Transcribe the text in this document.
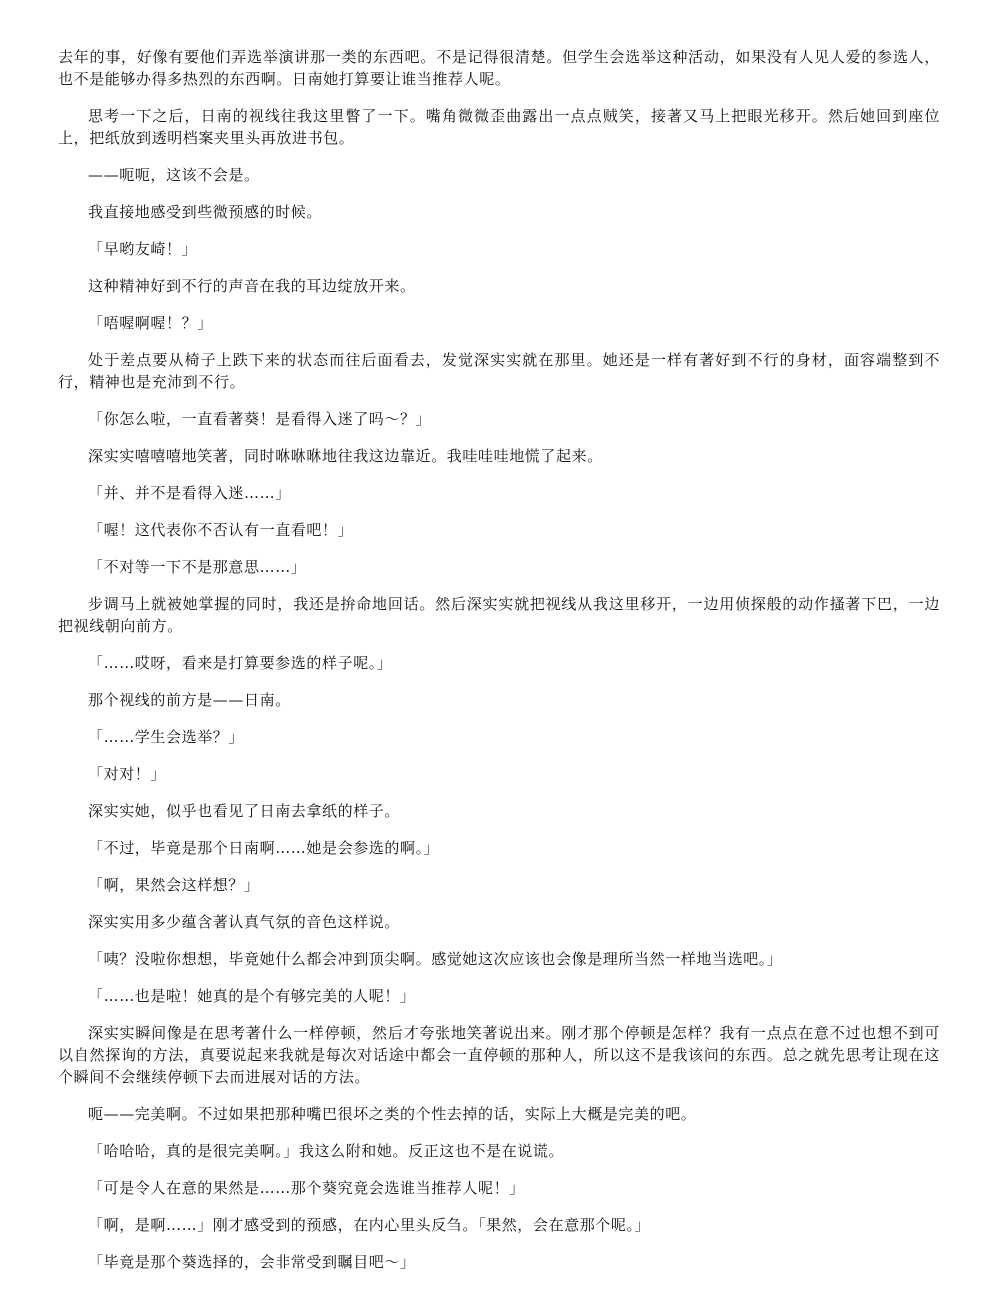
去年的事，好像有要他们弄选举演讲那一类的东西吧。不是记得很清楚。但学生会选举这种活动，如果没有人见人爱的参选人，也不是能够办得多热烈的东西啊。日南她打算要让谁当推荐人呢。

思考一下之后，日南的视线往我这里瞥了一下。嘴角微微歪曲露出一点点贼笑，接著又马上把眼光移开。然后她回到座位上，把纸放到透明档案夹里头再放进书包。

——呃呃，这该不会是。

我直接地感受到些微预感的时候。

「早哟友崎！」

这种精神好到不行的声音在我的耳边绽放开来。

「唔喔啊喔！？」

处于差点要从椅子上跌下来的状态而往后面看去，发觉深实实就在那里。她还是一样有著好到不行的身材，面容端整到不行，精神也是充沛到不行。

「你怎么啦，一直看著葵！是看得入迷了吗～？」

深实实嘻嘻嘻地笑著，同时咻咻咻地往我这边靠近。我哇哇哇地慌了起来。

「并、并不是看得入迷……」

「喔！这代表你不否认有一直看吧！」

「不对等一下不是那意思……」

步调马上就被她掌握的同时，我还是拚命地回话。然后深实实就把视线从我这里移开，一边用侦探般的动作搔著下巴，一边把视线朝向前方。

「……哎呀，看来是打算要参选的样子呢。」

那个视线的前方是——日南。

「……学生会选举？」

「对对！」

深实实她，似乎也看见了日南去拿纸的样子。

「不过，毕竟是那个日南啊……她是会参选的啊。」

「啊，果然会这样想？」

深实实用多少蕴含著认真气氛的音色这样说。

「咦？没啦你想想，毕竟她什么都会冲到顶尖啊。感觉她这次应该也会像是理所当然一样地当选吧。」

「……也是啦！她真的是个有够完美的人呢！」

深实实瞬间像是在思考著什么一样停顿，然后才夸张地笑著说出来。刚才那个停顿是怎样？我有一点点在意不过也想不到可以自然探询的方法，真要说起来我就是每次对话途中都会一直停顿的那种人，所以这不是我该问的东西。总之就先思考让现在这个瞬间不会继续停顿下去而进展对话的方法。

呃——完美啊。不过如果把那种嘴巴很坏之类的个性去掉的话，实际上大概是完美的吧。

「哈哈哈，真的是很完美啊。」我这么附和她。反正这也不是在说谎。

「可是令人在意的果然是……那个葵究竟会选谁当推荐人呢！」

「啊，是啊……」刚才感受到的预感，在内心里头反刍。「果然，会在意那个呢。」

「毕竟是那个葵选择的，会非常受到瞩目吧～」
